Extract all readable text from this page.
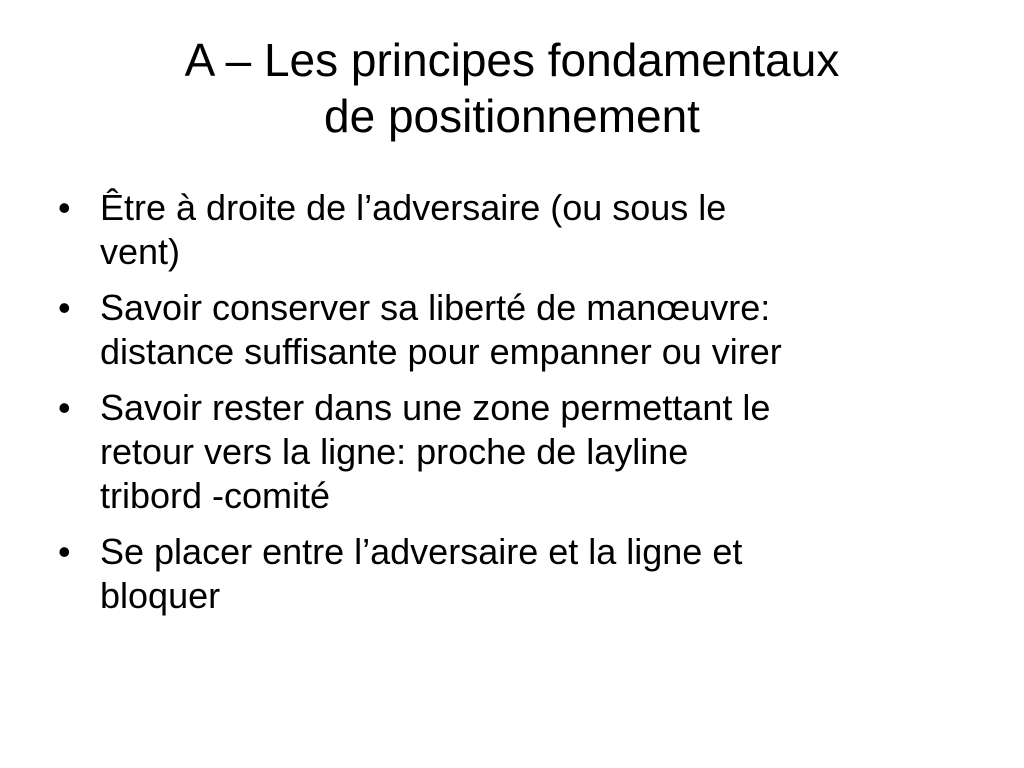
A – Les principes fondamentaux
de positionnement
• Être à droite de l’adversaire (ou sous le
vent)
• Savoir conserver sa liberté de manœuvre:
distance suffisante pour empanner ou virer
• Savoir rester dans une zone permettant le
retour vers la ligne: proche de layline
tribord -comité
• Se placer entre l’adversaire et la ligne et
bloquer
